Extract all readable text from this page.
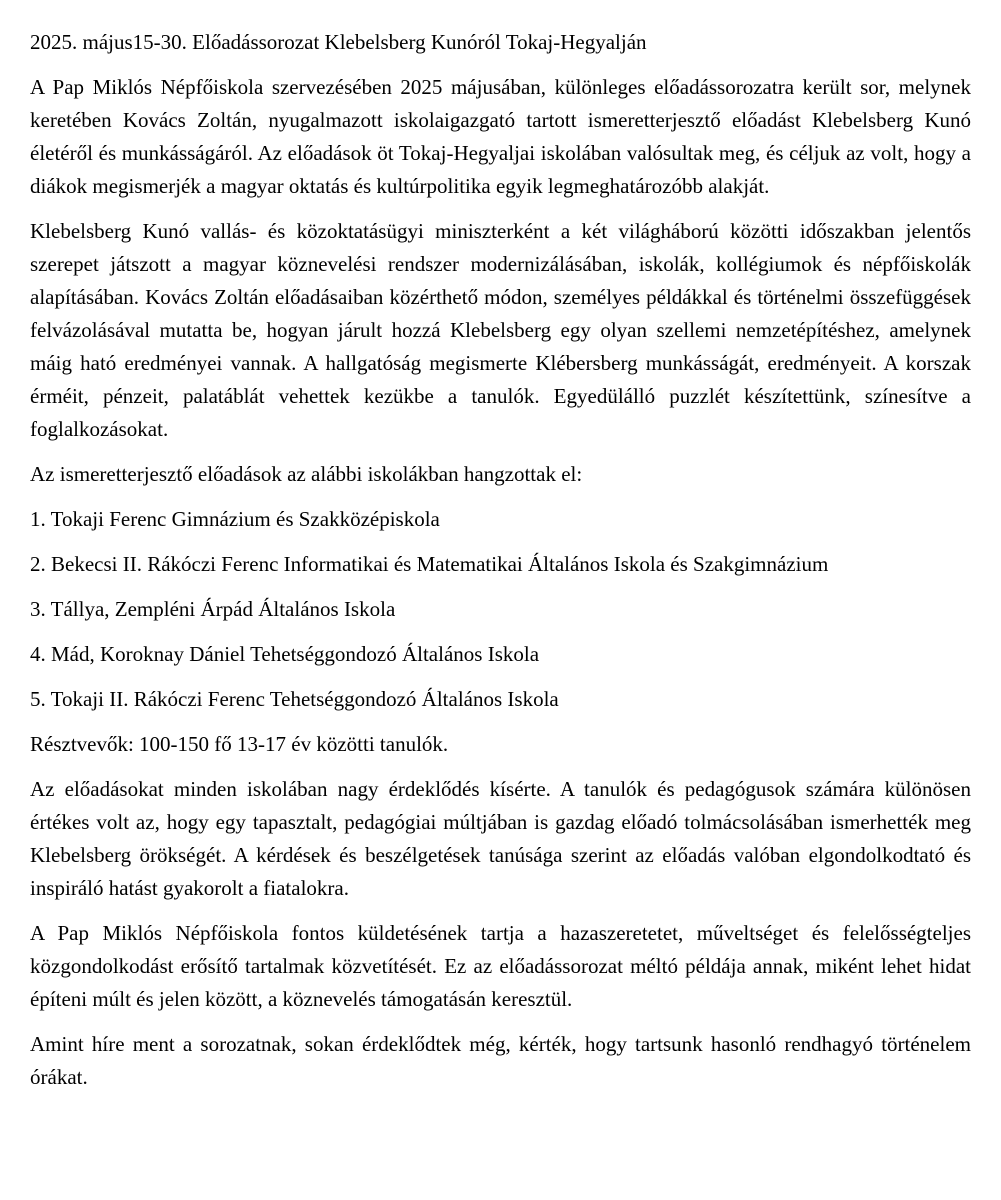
2025. május15-30. Előadássorozat Klebelsberg Kunóról Tokaj-Hegyalján

A Pap Miklós Népfőiskola szervezésében 2025 májusában, különleges előadássorozatra került sor, melynek keretében Kovács Zoltán, nyugalmazott iskolaigazgató tartott ismeretterjesztő előadást Klebelsberg Kunó életéről és munkásságáról. Az előadások öt Tokaj-Hegyaljai iskolában valósultak meg, és céljuk az volt, hogy a diákok megismerjék a magyar oktatás és kultúrpolitika egyik legmeghatározóbb alakját.

Klebelsberg Kunó vallás- és közoktatásügyi miniszterként a két világháború közötti időszakban jelentős szerepet játszott a magyar köznevelési rendszer modernizálásában, iskolák, kollégiumok és népfőiskolák alapításában. Kovács Zoltán előadásaiban közérthető módon, személyes példákkal és történelmi összefüggések felvázolásával mutatta be, hogyan járult hozzá Klebelsberg egy olyan szellemi nemzetépítéshez, amelynek máig ható eredményei vannak. A hallgatóság megismerte Klébersberg munkásságát, eredményeit. A korszak érméit, pénzeit, palatáblát vehettek kezükbe a tanulók. Egyedülálló puzzlét készítettünk, színesítve a foglalkozásokat.

Az ismeretterjesztő előadások az alábbi iskolákban hangzottak el:

1. Tokaji Ferenc Gimnázium és Szakközépiskola

2. Bekecsi II. Rákóczi Ferenc Informatikai és Matematikai Általános Iskola és Szakgimnázium

3. Tállya, Zempléni Árpád Általános Iskola

4. Mád, Koroknay Dániel Tehetséggondozó Általános Iskola

5. Tokaji II. Rákóczi Ferenc Tehetséggondozó Általános Iskola

Résztvevők: 100-150 fő 13-17 év közötti tanulók.

Az előadásokat minden iskolában nagy érdeklődés kísérte. A tanulók és pedagógusok számára különösen értékes volt az, hogy egy tapasztalt, pedagógiai múltjában is gazdag előadó tolmácsolásában ismerhették meg Klebelsberg örökségét. A kérdések és beszélgetések tanúsága szerint az előadás valóban elgondolkodtató és inspiráló hatást gyakorolt a fiatalokra.

A Pap Miklós Népfőiskola fontos küldetésének tartja a hazaszeretetet, műveltséget és felelősségteljes közgondolkodást erősítő tartalmak közvetítését. Ez az előadássorozat méltó példája annak, miként lehet hidat építeni múlt és jelen között, a köznevelés támogatásán keresztül.

Amint híre ment a sorozatnak, sokan érdeklődtek még, kérték, hogy tartsunk hasonló rendhagyó történelem órákat.
